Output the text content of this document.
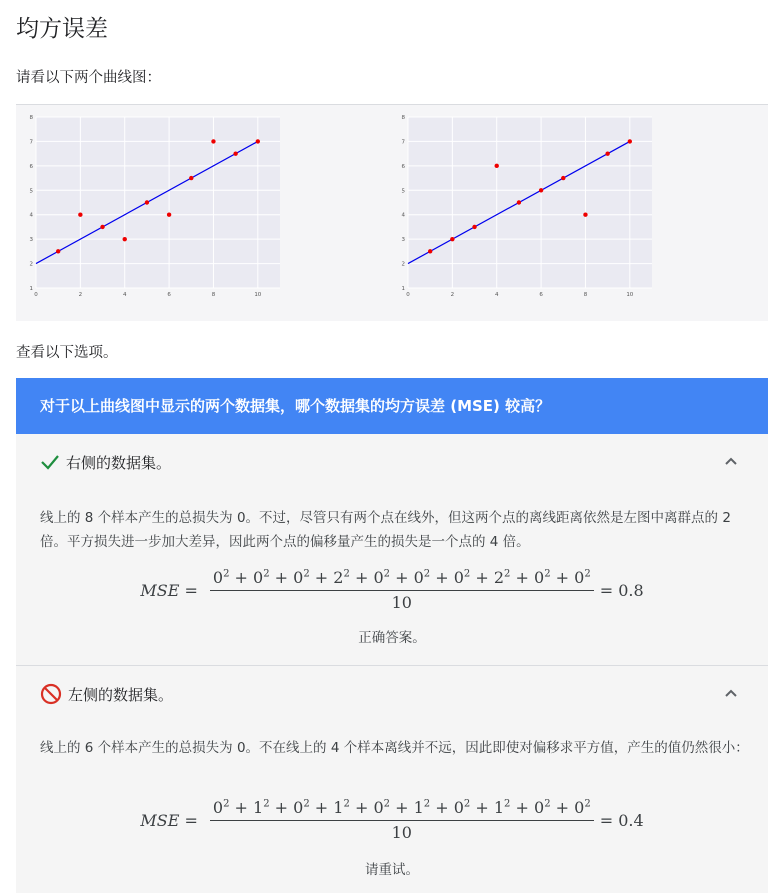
均方误差
请看以下两个曲线图：
1
2
3
4
5
6
7
8
0	2	4	6	8	10
1
2
3
4
5
6
7
8
0	2	4	6	8	10
查看以下选项。
对于以上曲线图中显示的两个数据集，哪个数据集的均方误差 (MSE) 较高？
右侧的数据集。
线上的 8 个样本产生的总损失为 0。不过，尽管只有两个点在线外，但这两个点的离线距离依然是左图中离群点的 2 倍。平方损失进一步加大差异，因此两个点的偏移量产生的损失是一个点的 4 倍。
MSE = $\frac{0^2 + 0^2 + 0^2 + 2^2 + 0^2 + 0^2 + 0^2 + 2^2 + 0^2 + 0^2}{10} = 0.8$
正确答案。
左侧的数据集。
线上的 6 个样本产生的总损失为 0。不在线上的 4 个样本离线并不远，因此即使对偏移求平方值，产生的值仍然很小：
MSE = $\frac{0^2 + 1^2 + 0^2 + 1^2 + 0^2 + 1^2 + 0^2 + 1^2 + 0^2 + 0^2}{10} = 0.4$
请重试。
